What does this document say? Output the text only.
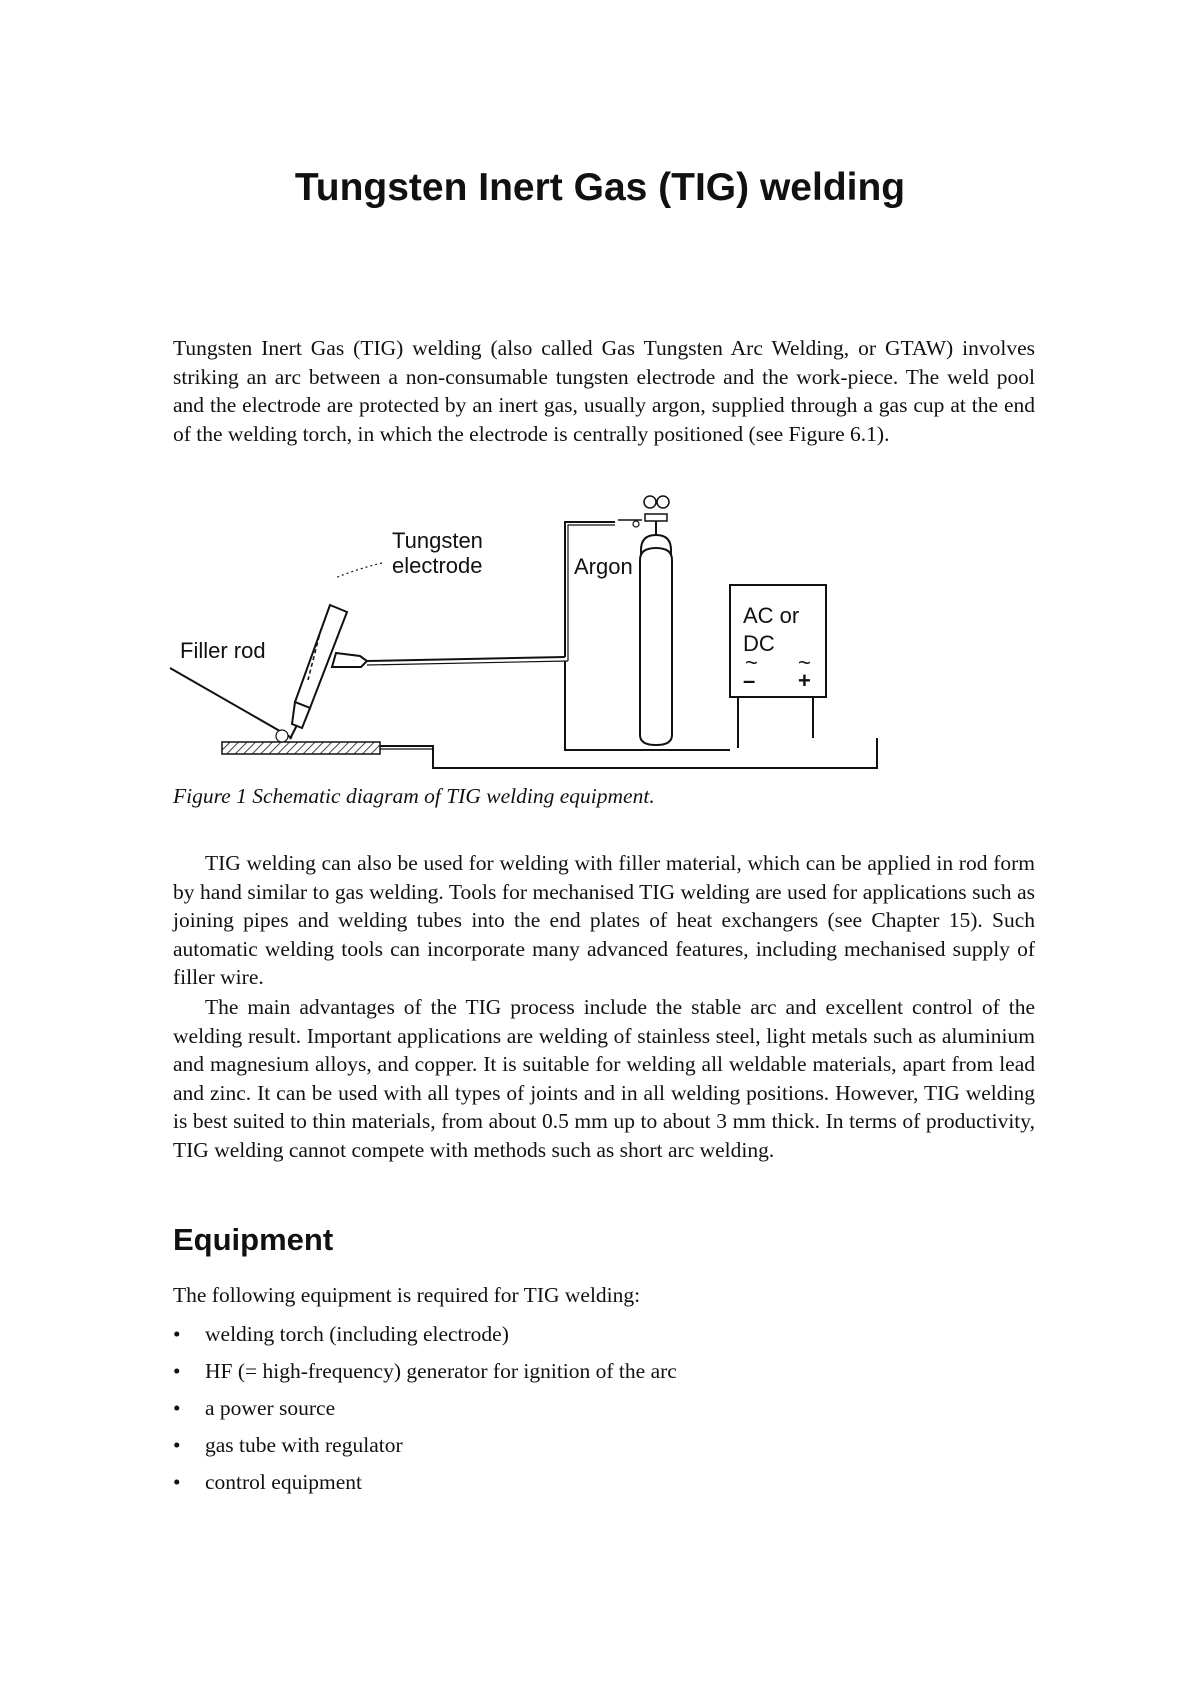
Tungsten Inert Gas (TIG) welding

Tungsten Inert Gas (TIG) welding (also called Gas Tungsten Arc Welding, or GTAW) involves striking an arc between a non-consumable tungsten electrode and the work-piece. The weld pool and the electrode are protected by an inert gas, usually argon, supplied through a gas cup at the end of the welding torch, in which the electrode is centrally positioned (see Figure 6.1).

Filler rod
Tungsten
electrode	Argon
AC or
DC
~
–
~
+

Figure 1 Schematic diagram of TIG welding equipment.

TIG welding can also be used for welding with filler material, which can be applied in rod form by hand similar to gas welding. Tools for mechanised TIG welding are used for applications such as joining pipes and welding tubes into the end plates of heat exchangers (see Chapter 15). Such automatic welding tools can incorporate many advanced features, including mechanised supply of filler wire.

The main advantages of the TIG process include the stable arc and excellent control of the welding result. Important applications are welding of stainless steel, light metals such as aluminium and magnesium alloys, and copper. It is suitable for welding all weldable materials, apart from lead and zinc. It can be used with all types of joints and in all welding positions. However, TIG welding is best suited to thin materials, from about 0.5 mm up to about 3 mm thick. In terms of productivity, TIG welding cannot compete with methods such as short arc welding.

Equipment

The following equipment is required for TIG welding:

• welding torch (including electrode)
• HF (= high-frequency) generator for ignition of the arc
• a power source
• gas tube with regulator
• control equipment
